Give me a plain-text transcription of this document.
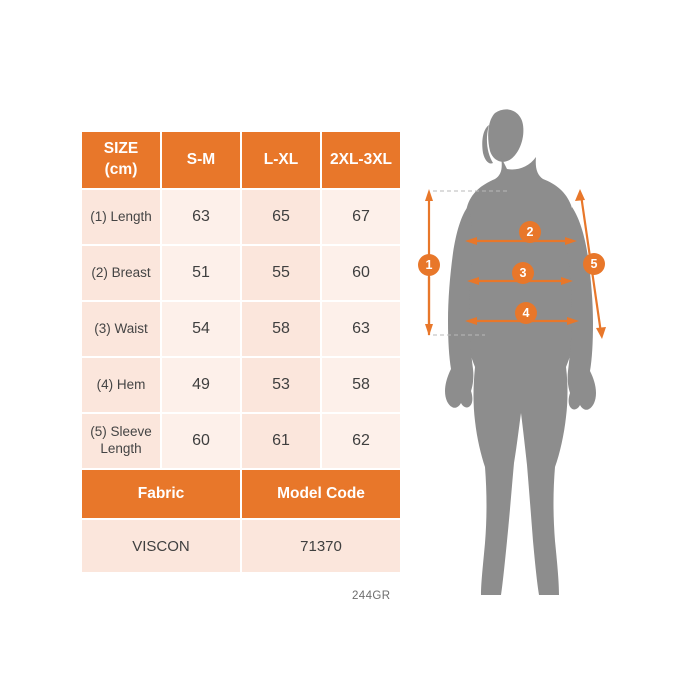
SIZE
(cm)	S-M	L-XL	2XL-3XL
(1) Length	63	65	67
(2) Breast	51	55	60
(3) Waist	54	58	63
(4) Hem	49	53	58
(5) Sleeve Length	60	61	62
Fabric		Model Code	
VISCON		71370	
244GR
1
2
3
4
5
